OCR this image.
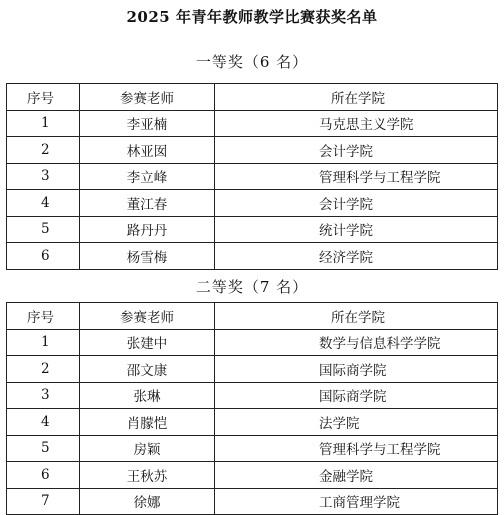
2025 年青年教师教学比赛获奖名单
一等奖（6 名）
序号	参赛老师	所在学院
1	李亚楠	马克思主义学院
2	林亚囡	会计学院
3	李立峰	管理科学与工程学院
4	董江春	会计学院
5	路丹丹	统计学院
6	杨雪梅	经济学院
二等奖（7 名）
序号	参赛老师	所在学院
1	张建中	数学与信息科学学院
2	邵文康	国际商学院
3	张琳	国际商学院
4	肖朦恺	法学院
5	房颖	管理科学与工程学院
6	王秋苏	金融学院
7	徐娜	工商管理学院
